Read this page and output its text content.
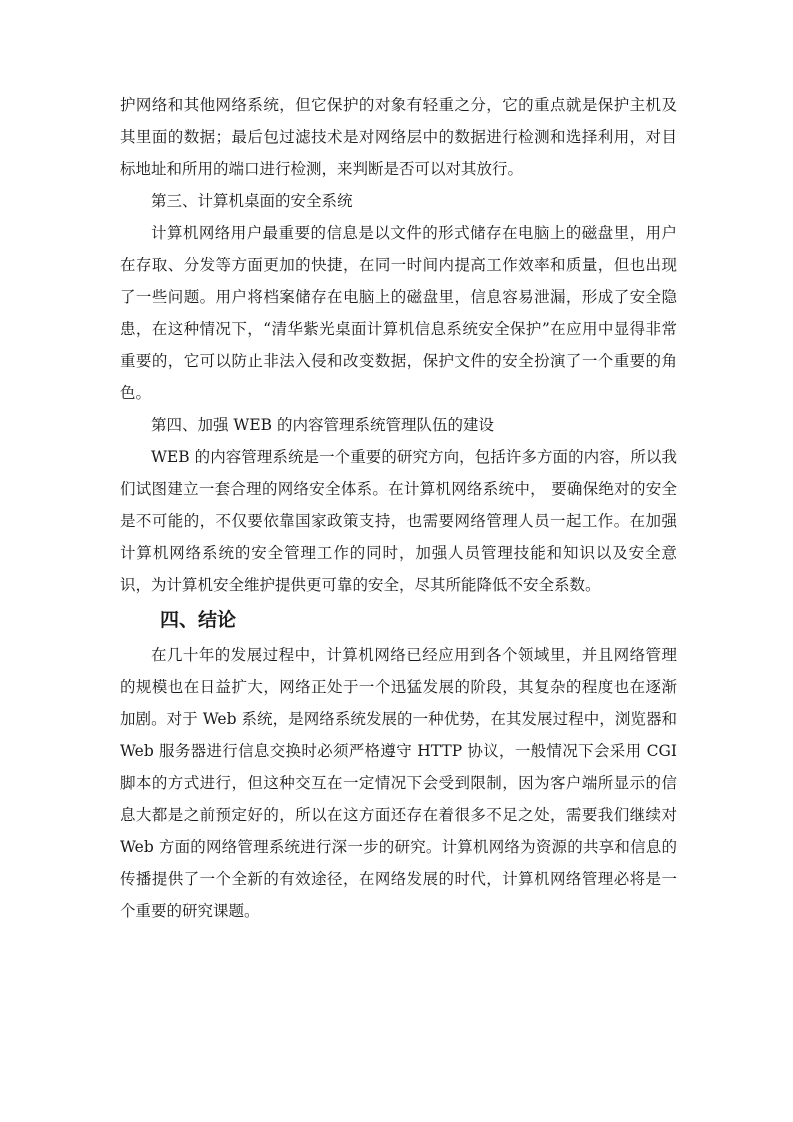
护网络和其他网络系统，但它保护的对象有轻重之分，它的重点就是保护主机及其里面的数据；最后包过滤技术是对网络层中的数据进行检测和选择利用，对目标地址和所用的端口进行检测，来判断是否可以对其放行。

第三、计算机桌面的安全系统

计算机网络用户最重要的信息是以文件的形式储存在电脑上的磁盘里，用户在存取、分发等方面更加的快捷，在同一时间内提高工作效率和质量，但也出现了一些问题。用户将档案储存在电脑上的磁盘里，信息容易泄漏，形成了安全隐患，在这种情况下，“清华紫光桌面计算机信息系统安全保护”在应用中显得非常重要的，它可以防止非法入侵和改变数据，保护文件的安全扮演了一个重要的角色。

第四、加强 WEB 的内容管理系统管理队伍的建设

WEB 的内容管理系统是一个重要的研究方向，包括许多方面的内容，所以我们试图建立一套合理的网络安全体系。在计算机网络系统中， 要确保绝对的安全是不可能的，不仅要依靠国家政策支持，也需要网络管理人员一起工作。在加强计算机网络系统的安全管理工作的同时，加强人员管理技能和知识以及安全意识，为计算机安全维护提供更可靠的安全，尽其所能降低不安全系数。

四、结论

在几十年的发展过程中，计算机网络已经应用到各个领域里，并且网络管理的规模也在日益扩大，网络正处于一个迅猛发展的阶段，其复杂的程度也在逐渐加剧。对于 Web 系统，是网络系统发展的一种优势，在其发展过程中，浏览器和 Web 服务器进行信息交换时必须严格遵守 HTTP 协议，一般情况下会采用 CGI 脚本的方式进行，但这种交互在一定情况下会受到限制，因为客户端所显示的信息大都是之前预定好的，所以在这方面还存在着很多不足之处，需要我们继续对 Web 方面的网络管理系统进行深一步的研究。计算机网络为资源的共享和信息的传播提供了一个全新的有效途径，在网络发展的时代，计算机网络管理必将是一个重要的研究课题。
